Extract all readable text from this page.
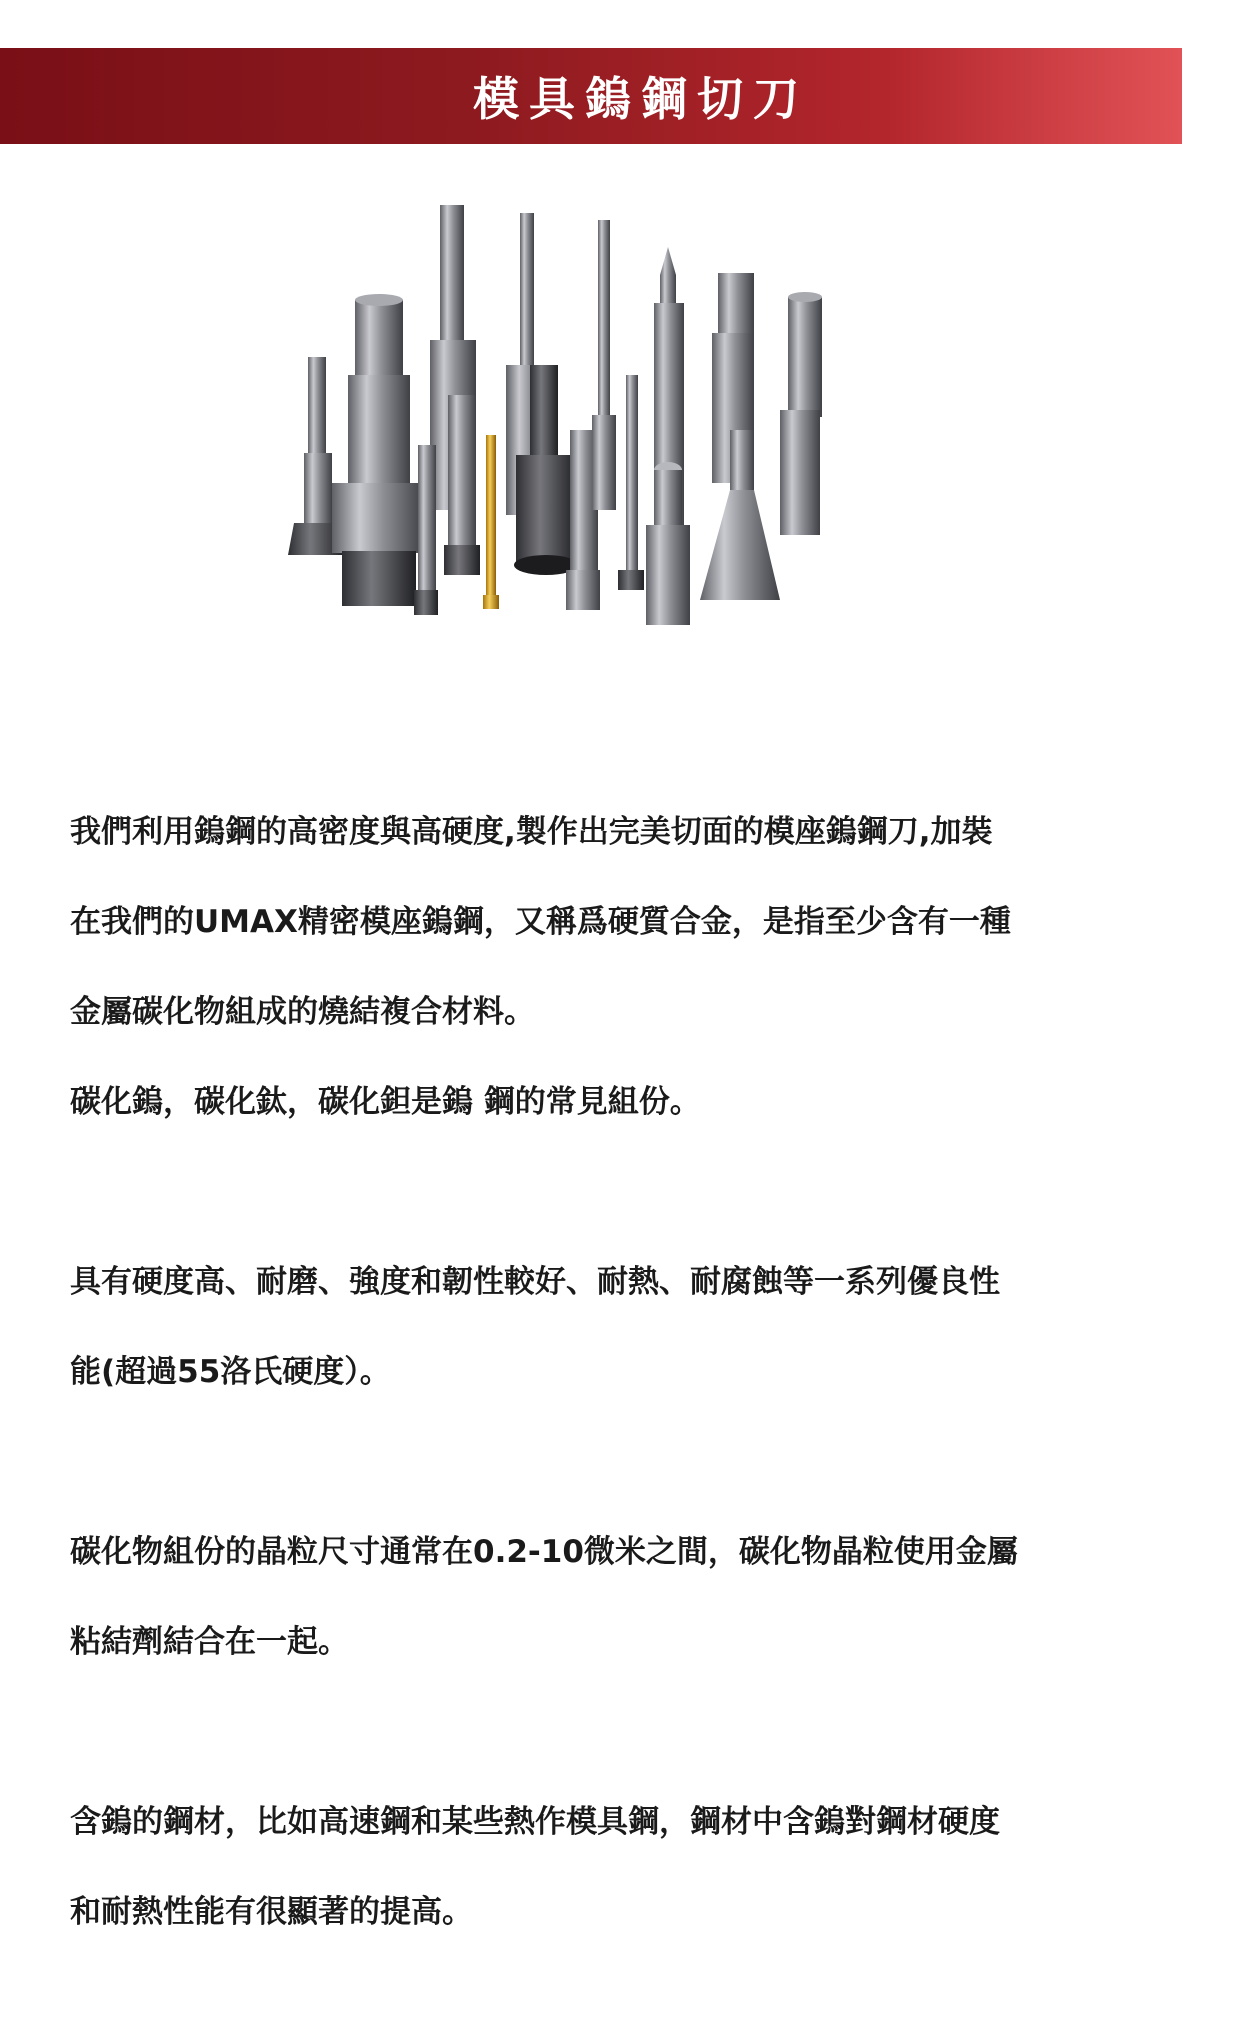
模具鎢鋼切刀

我們利用鎢鋼的高密度與高硬度,製作出完美切面的模座鎢鋼刀,加裝

在我們的UMAX精密模座鎢鋼，又稱爲硬質合金，是指至少含有一種

金屬碳化物組成的燒結複合材料。

碳化鎢，碳化鈦，碳化鉭是鎢 鋼的常見組份。

具有硬度高、耐磨、強度和韌性較好、耐熱、耐腐蝕等一系列優良性

能(超過55洛氏硬度）。

碳化物組份的晶粒尺寸通常在0.2-10微米之間，碳化物晶粒使用金屬

粘結劑結合在一起。

含鎢的鋼材，比如高速鋼和某些熱作模具鋼，鋼材中含鎢對鋼材硬度

和耐熱性能有很顯著的提高。
